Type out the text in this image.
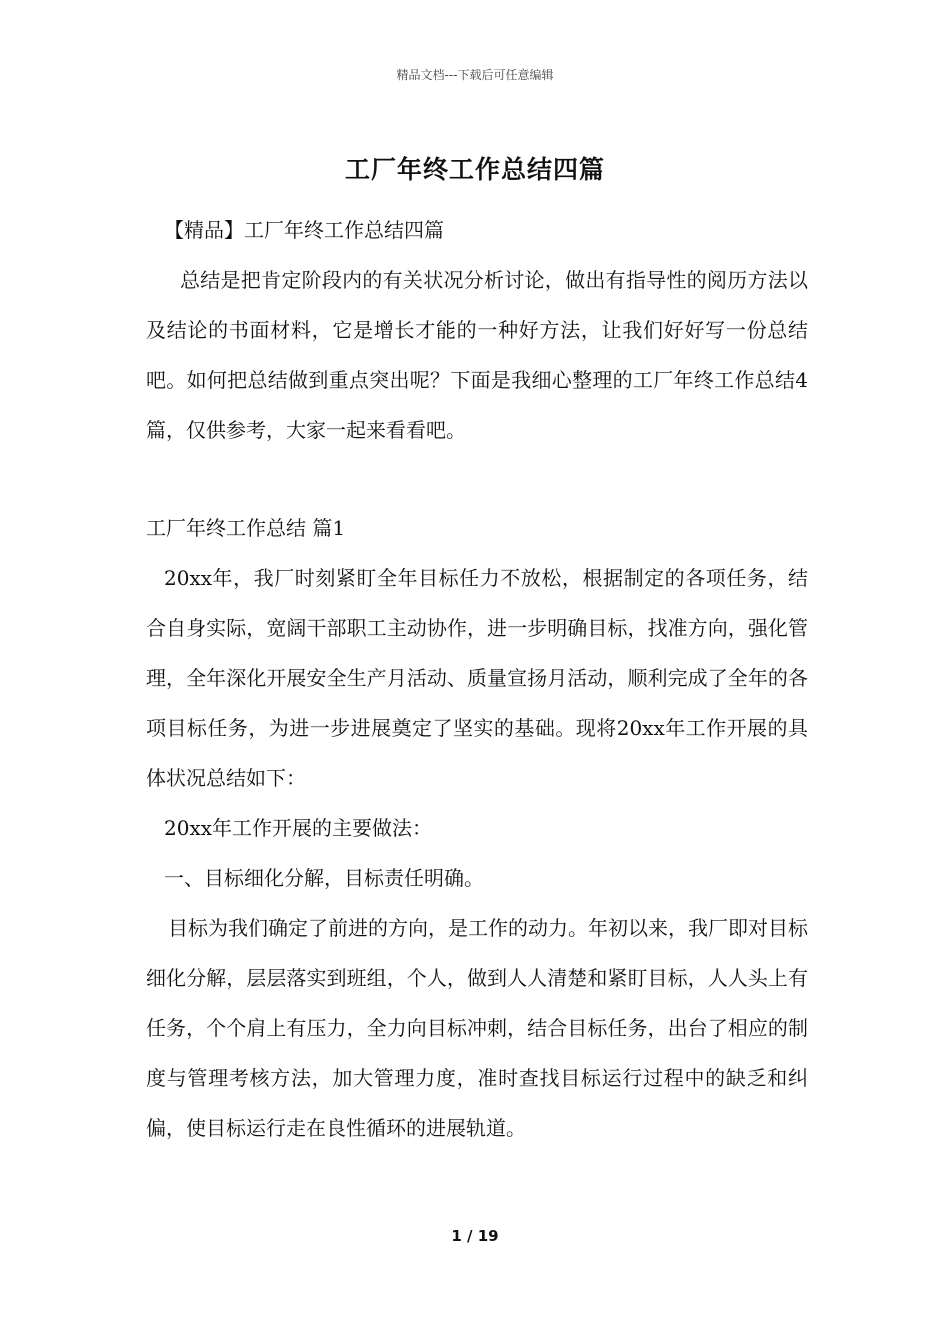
精品文档---下载后可任意编辑
工厂年终工作总结四篇

【精品】工厂年终工作总结四篇

总结是把肯定阶段内的有关状况分析讨论，做出有指导性的阅历方法以及结论的书面材料，它是增长才能的一种好方法，让我们好好写一份总结吧。如何把总结做到重点突出呢？下面是我细心整理的工厂年终工作总结4篇，仅供参考，大家一起来看看吧。

工厂年终工作总结 篇1

20xx年，我厂时刻紧盯全年目标任力不放松，根据制定的各项任务，结合自身实际，宽阔干部职工主动协作，进一步明确目标，找准方向，强化管理，全年深化开展安全生产月活动、质量宣扬月活动，顺利完成了全年的各项目标任务，为进一步进展奠定了坚实的基础。现将20xx年工作开展的具体状况总结如下：

20xx年工作开展的主要做法：

一、目标细化分解，目标责任明确。

目标为我们确定了前进的方向，是工作的动力。年初以来，我厂即对目标细化分解，层层落实到班组，个人，做到人人清楚和紧盯目标，人人头上有任务，个个肩上有压力，全力向目标冲刺，结合目标任务，出台了相应的制度与管理考核方法，加大管理力度，准时查找目标运行过程中的缺乏和纠偏，使目标运行走在良性循环的进展轨道。

1 / 19
